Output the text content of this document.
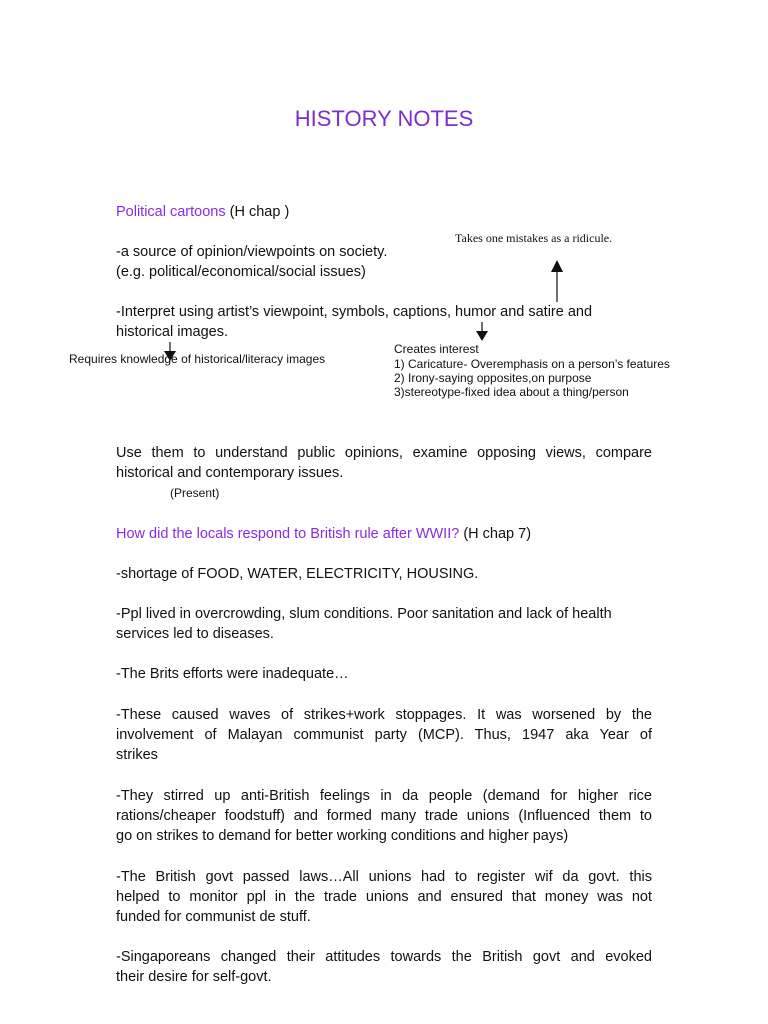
HISTORY NOTES
Political cartoons (H chap )
-a source of opinion/viewpoints on society.
(e.g. political/economical/social issues)
-Interpret using artist’s viewpoint, symbols, captions, humor and satire and
historical images.
Takes one mistakes as a ridicule.
Requires knowledge of historical/literacy images
Creates interest
1) Caricature- Overemphasis on a person’s features
2) Irony-saying opposites,on purpose
3)stereotype-fixed idea about a thing/person
Use them to understand public opinions, examine opposing views, compare
historical and contemporary issues.
(Present)
How did the locals respond to British rule after WWII? (H chap 7)
-shortage of FOOD, WATER, ELECTRICITY, HOUSING.
-Ppl lived in overcrowding, slum conditions. Poor sanitation and lack of health
services led to diseases.
-The Brits efforts were inadequate…
-These caused waves of strikes+work stoppages. It was worsened by the
involvement of Malayan communist party (MCP). Thus, 1947 aka Year of
strikes
-They stirred up anti-British feelings in da people (demand for higher rice
rations/cheaper foodstuff) and formed many trade unions (Influenced them to
go on strikes to demand for better working conditions and higher pays)
-The British govt passed laws…All unions had to register wif da govt. this
helped to monitor ppl in the trade unions and ensured that money was not
funded for communist de stuff.
-Singaporeans changed their attitudes towards the British govt and evoked
their desire for self-govt.
